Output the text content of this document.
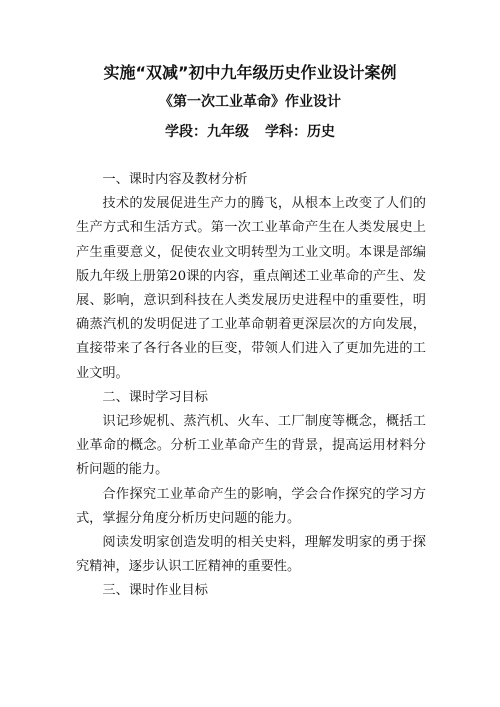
实施“双减”初中九年级历史作业设计案例
《第一次工业革命》作业设计
学段：九年级 学科：历史

一、课时内容及教材分析

技术的发展促进生产力的腾飞，从根本上改变了人们的生产方式和生活方式。第一次工业革命产生在人类发展史上产生重要意义，促使农业文明转型为工业文明。本课是部编版九年级上册第20课的内容，重点阐述工业革命的产生、发展、影响，意识到科技在人类发展历史进程中的重要性，明确蒸汽机的发明促进了工业革命朝着更深层次的方向发展，直接带来了各行各业的巨变，带领人们进入了更加先进的工业文明。

二、课时学习目标

识记珍妮机、蒸汽机、火车、工厂制度等概念，概括工业革命的概念。分析工业革命产生的背景，提高运用材料分析问题的能力。

合作探究工业革命产生的影响，学会合作探究的学习方式，掌握分角度分析历史问题的能力。

阅读发明家创造发明的相关史料，理解发明家的勇于探究精神，逐步认识工匠精神的重要性。

三、课时作业目标
